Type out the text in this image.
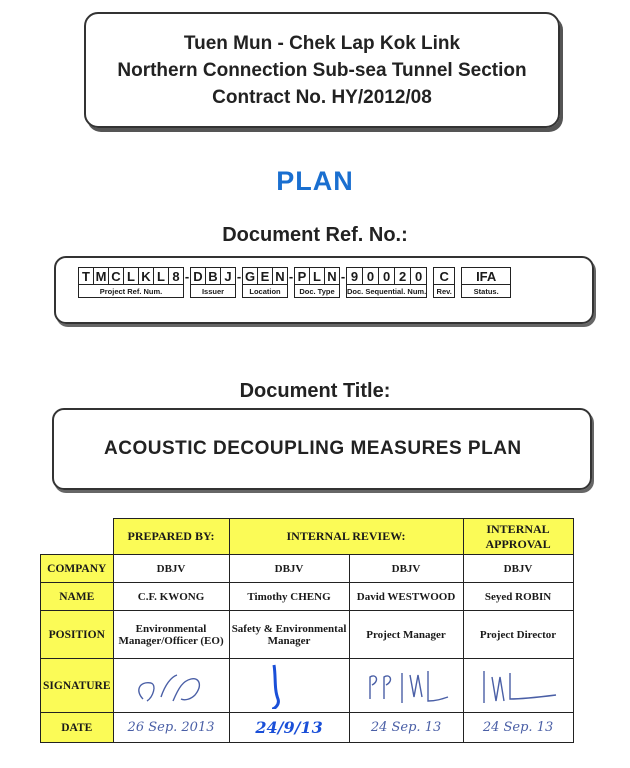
Tuen Mun - Chek Lap Kok Link
Northern Connection Sub-sea Tunnel Section
Contract No. HY/2012/08
PLAN
Document Ref. No.:
T	M	C	L	K	L	8	-	D	B	J	-	G	E	N	-	P	L	N	-	9	0	0	2	0		C		IFA
Project Ref. Num.								Issuer				Location				Doc. Type				Doc. Sequential. Num.						Rev.		Status.
Document Title:
ACOUSTIC DECOUPLING MEASURES PLAN
	PREPARED BY:	INTERNAL REVIEW:		INTERNAL APPROVAL
COMPANY	DBJV	DBJV	DBJV	DBJV
NAME	C.F. KWONG	Timothy CHENG	David WESTWOOD	Seyed ROBIN
POSITION	Environmental Manager/Officer (EO)	Safety & Environmental Manager	Project Manager	Project Director
SIGNATURE	

DATE	26 Sep. 2013	24/9/13	24 Sep. 13	24 Sep. 13
